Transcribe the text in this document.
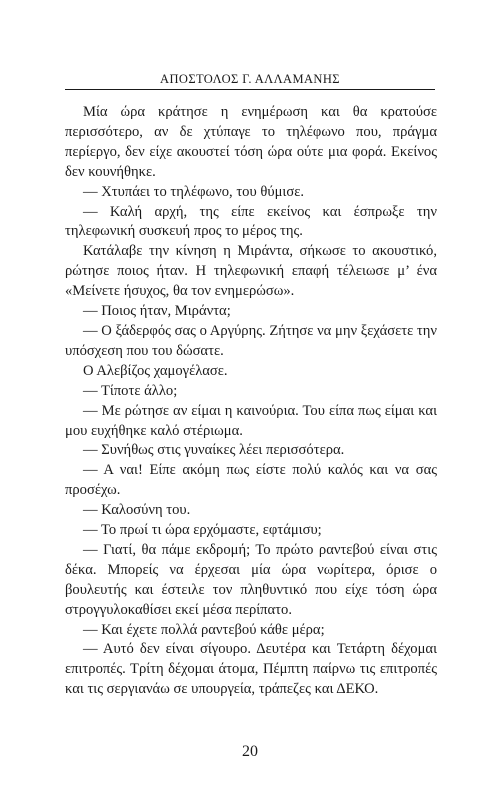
ΑΠΟΣΤΟΛΟΣ Γ. ΑΛΛΑΜΑΝΗΣ

Μία ώρα κράτησε η ενημέρωση και θα κρατούσε περισσότερο, αν δε χτύπαγε το τηλέφωνο που, πράγμα περίεργο, δεν είχε ακουστεί τόση ώρα ούτε μια φορά. Εκείνος δεν κουνήθηκε.

— Χτυπάει το τηλέφωνο, του θύμισε.

— Καλή αρχή, της είπε εκείνος και έσπρωξε την τηλεφωνική συσκευή προς το μέρος της.

Κατάλαβε την κίνηση η Μιράντα, σήκωσε το ακουστικό, ρώτησε ποιος ήταν. Η τηλεφωνική επαφή τέλειωσε μ’ ένα «Μείνετε ήσυχος, θα τον ενημερώσω».

— Ποιος ήταν, Μιράντα;

— Ο ξάδερφός σας ο Αργύρης. Ζήτησε να μην ξεχάσετε την υπόσχεση που του δώσατε.

Ο Αλεβίζος χαμογέλασε.

— Τίποτε άλλο;

— Με ρώτησε αν είμαι η καινούρια. Του είπα πως είμαι και μου ευχήθηκε καλό στέριωμα.

— Συνήθως στις γυναίκες λέει περισσότερα.

— Α ναι! Είπε ακόμη πως είστε πολύ καλός και να σας προσέχω.

— Καλοσύνη του.

— Το πρωί τι ώρα ερχόμαστε, εφτάμισυ;

— Γιατί, θα πάμε εκδρομή; Το πρώτο ραντεβού είναι στις δέκα. Μπορείς να έρχεσαι μία ώρα νωρίτερα, όρισε ο βουλευτής και έστειλε τον πληθυντικό που είχε τόση ώρα στρογγυλοκαθίσει εκεί μέσα περίπατο.

— Και έχετε πολλά ραντεβού κάθε μέρα;

— Αυτό δεν είναι σίγουρο. Δευτέρα και Τετάρτη δέχομαι επιτροπές. Τρίτη δέχομαι άτομα, Πέμπτη παίρνω τις επιτροπές και τις σεργιανάω σε υπουργεία, τράπεζες και ΔΕΚΟ.

20
